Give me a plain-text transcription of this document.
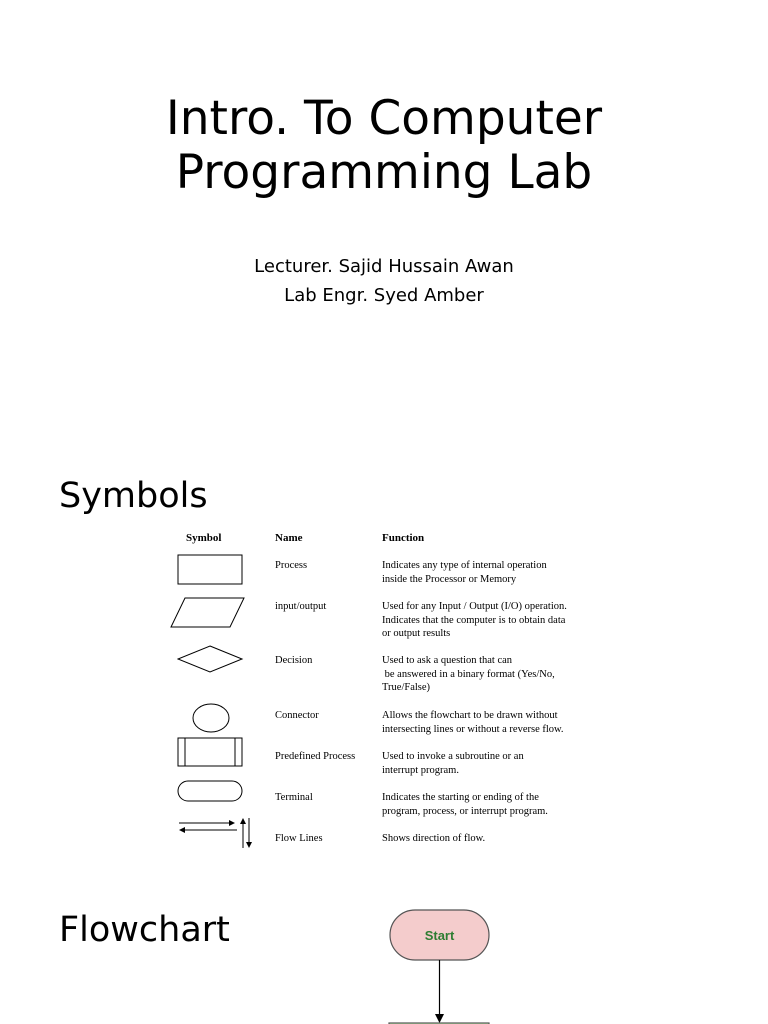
Intro. To Computer
Programming Lab
Lecturer. Sajid Hussain Awan
Lab Engr. Syed Amber
Symbols
Symbol	Name	Function
Process	Indicates any type of internal operation
inside the Processor or Memory
input/output	Used for any Input / Output (I/O) operation.
Indicates that the computer is to obtain data
or output results
Decision	Used to ask a question that can
be answered in a binary format (Yes/No,
True/False)
Connector	Allows the flowchart to be drawn without
intersecting lines or without a reverse flow.
Predefined Process	Used to invoke a subroutine or an
interrupt program.
Terminal	Indicates the starting or ending of the
program, process, or interrupt program.
Flow Lines	Shows direction of flow.
Flowchart	Start
